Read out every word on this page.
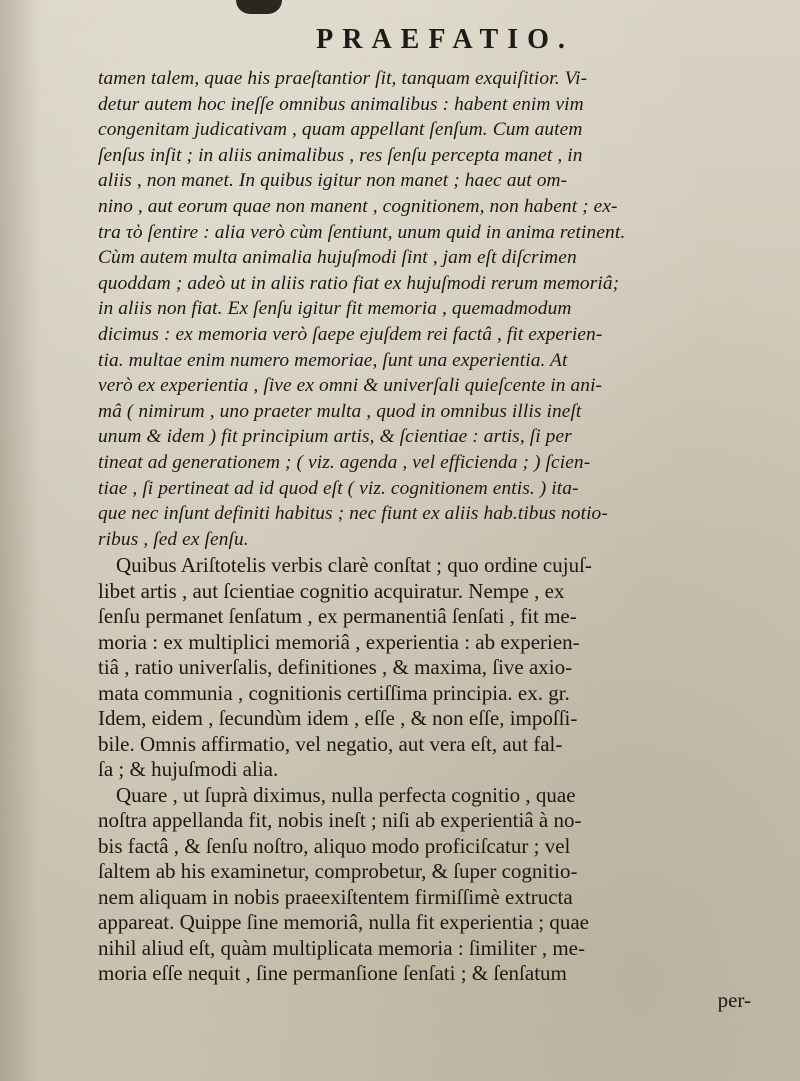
PRAEFATIO.
tamen talem, quae his praeſtantior ſit, tanquam exquiſitior. Vi-
detur autem hoc ineſſe omnibus animalibus : habent enim vim
congenitam judicativam , quam appellant ſenſum. Cum autem
ſenſus inſit ; in aliis animalibus , res ſenſu percepta manet , in
aliis , non manet. In quibus igitur non manet ; haec aut om-
nino , aut eorum quae non manent , cognitionem, non habent ; ex-
tra τὸ ſentire : alia verò cùm ſentiunt, unum quid in anima retinent.
Cùm autem multa animalia hujuſmodi ſint , jam eſt diſcrimen
quoddam ; adeò ut in aliis ratio fiat ex hujuſmodi rerum memoriâ;
in aliis non fiat. Ex ſenſu igitur fit memoria , quemadmodum
dicimus : ex memoria verò ſaepe ejuſdem rei factâ , fit experien-
tia. multae enim numero memoriae, ſunt una experientia. At
verò ex experientia , ſive ex omni & univerſali quieſcente in ani-
mâ ( nimirum , uno praeter multa , quod in omnibus illis ineſt
unum & idem ) fit principium artis, & ſcientiae : artis, ſi per
tineat ad generationem ; ( viz. agenda , vel efficienda ; ) ſcien-
tiae , ſi pertineat ad id quod eſt ( viz. cognitionem entis. ) ita-
que nec inſunt definiti habitus ; nec fiunt ex aliis hab.tibus notio-
ribus , ſed ex ſenſu.
Quibus Ariſtotelis verbis clarè conſtat ; quo ordine cujuſ-
libet artis , aut ſcientiae cognitio acquiratur. Nempe , ex
ſenſu permanet ſenſatum , ex permanentiâ ſenſati , fit me-
moria : ex multiplici memoriâ , experientia : ab experien-
tiâ , ratio univerſalis, definitiones , & maxima, ſive axio-
mata communia , cognitionis certiſſima principia. ex. gr.
Idem, eidem , ſecundùm idem , eſſe , & non eſſe, impoſſi-
bile. Omnis affirmatio, vel negatio, aut vera eſt, aut fal-
ſa ; & hujuſmodi alia.
Quare , ut ſuprà diximus, nulla perfecta cognitio , quae
noſtra appellanda fit, nobis ineſt ; niſi ab experientiâ à no-
bis factâ , & ſenſu noſtro, aliquo modo proficiſcatur ; vel
ſaltem ab his examinetur, comprobetur, & ſuper cognitio-
nem aliquam in nobis praeexiſtentem firmiſſimè extructa
appareat. Quippe ſine memoriâ, nulla fit experientia ; quae
nihil aliud eſt, quàm multiplicata memoria : ſimiliter , me-
moria eſſe nequit , ſine permanſione ſenſati ; & ſenſatum
per-
